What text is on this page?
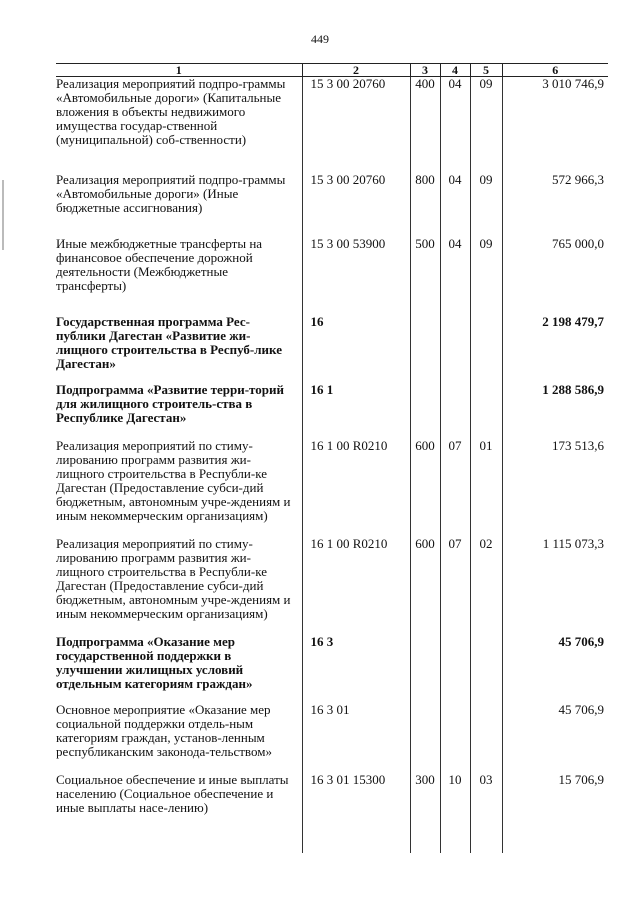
449
1	2	3	4	5	6
Реализация мероприятий подпро-граммы «Автомобильные дороги» (Капитальные вложения в объекты недвижимого имущества государ-ственной (муниципальной) соб-ственности)	15 3 00 20760	400	04	09	3 010 746,9

Реализация мероприятий подпро-граммы «Автомобильные дороги» (Иные бюджетные ассигнования)	15 3 00 20760	800	04	09	572 966,3

Иные межбюджетные трансферты на финансовое обеспечение дорожной деятельности (Межбюджетные трансферты)	15 3 00 53900	500	04	09	765 000,0

Государственная программа Рес-публики Дагестан «Развитие жи-лищного строительства в Респуб-лике Дагестан»	16				2 198 479,7

Подпрограмма «Развитие терри-торий для жилищного строитель-ства в Республике Дагестан»	16 1				1 288 586,9

Реализация мероприятий по стиму-лированию программ развития жи-лищного строительства в Республи-ке Дагестан (Предоставление субси-дий бюджетным, автономным учре-ждениям и иным некоммерческим организациям)	16 1 00 R0210	600	07	01	173 513,6

Реализация мероприятий по стиму-лированию программ развития жи-лищного строительства в Республи-ке Дагестан (Предоставление субси-дий бюджетным, автономным учре-ждениям и иным некоммерческим организациям)	16 1 00 R0210	600	07	02	1 115 073,3

Подпрограмма «Оказание мер государственной поддержки в улучшении жилищных условий отдельным категориям граждан»	16 3				45 706,9

Основное мероприятие «Оказание мер социальной поддержки отдель-ным категориям граждан, установ-ленным республиканским законода-тельством»	16 3 01				45 706,9

Социальное обеспечение и иные выплаты населению (Социальное обеспечение и иные выплаты насе-лению)	16 3 01 15300	300	10	03	15 706,9
